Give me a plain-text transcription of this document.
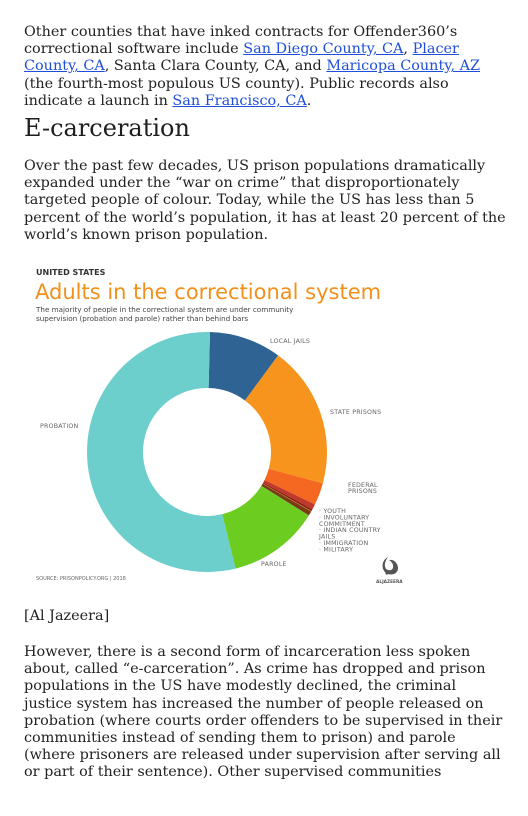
Other counties that have inked contracts for Offender360’s correctional software include San Diego County, CA, Placer County, CA, Santa Clara County, CA, and Maricopa County, AZ (the fourth-most populous US county). Public records also indicate a launch in San Francisco, CA.

E-carceration

Over the past few decades, US prison populations dramatically expanded under the “war on crime” that disproportionately targeted people of colour. Today, while the US has less than 5 percent of the world’s population, it has at least 20 percent of the world’s known prison population.

UNITED STATES
Adults in the correctional system
The majority of people in the correctional system are under community
supervision (probation and parole) rather than behind bars
LOCAL JAILS
STATE PRISONS
PROBATION
FEDERAL
PRISONS
PAROLE
· YOUTH
· INVOLUNTARY
COMMITMENT
· INDIAN COUNTRY
JAILS
· IMMIGRATION
· MILITARY
SOURCE: PRISONPOLICY.ORG | 2018
ALJAZEERA

[Al Jazeera]

However, there is a second form of incarceration less spoken about, called “e-carceration”. As crime has dropped and prison populations in the US have modestly declined, the criminal justice system has increased the number of people released on probation (where courts order offenders to be supervised in their communities instead of sending them to prison) and parole (where prisoners are released under supervision after serving all or part of their sentence). Other supervised communities
